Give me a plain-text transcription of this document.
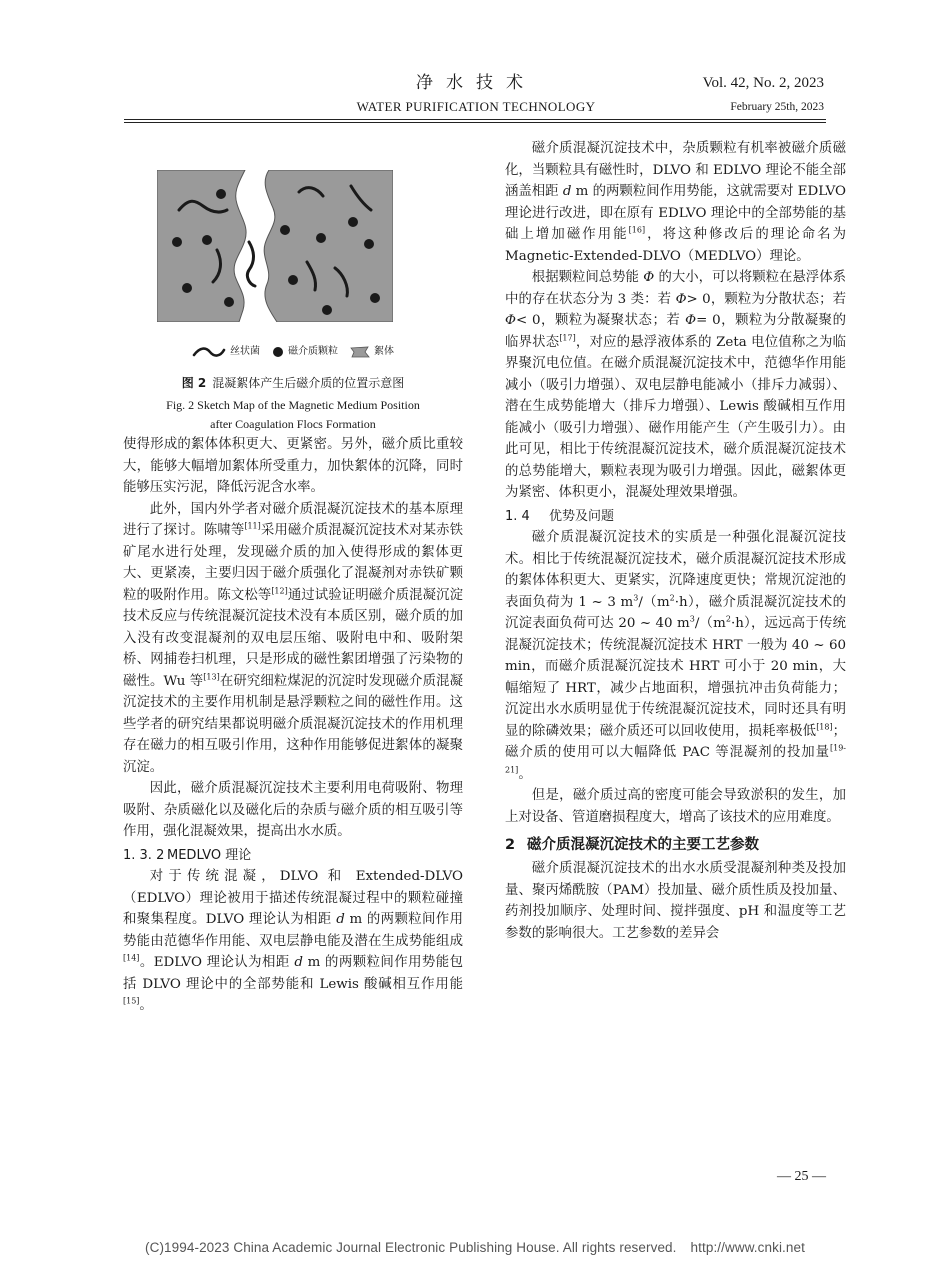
净水技术
WATER PURIFICATION TECHNOLOGY
Vol. 42, No. 2, 2023
February 25th, 2023
丝状菌	磁介质颗粒	絮体
图 2 混凝絮体产生后磁介质的位置示意图
Fig. 2 Sketch Map of the Magnetic Medium Position
after Coagulation Flocs Formation

使得形成的絮体体积更大、更紧密。另外，磁介质比重较大，能够大幅增加絮体所受重力，加快絮体的沉降，同时能够压实污泥，降低污泥含水率。

此外，国内外学者对磁介质混凝沉淀技术的基本原理进行了探讨。陈啸等[11]采用磁介质混凝沉淀技术对某赤铁矿尾水进行处理，发现磁介质的加入使得形成的絮体更大、更紧凑，主要归因于磁介质强化了混凝剂对赤铁矿颗粒的吸附作用。陈文松等[12]通过试验证明磁介质混凝沉淀技术反应与传统混凝沉淀技术没有本质区别，磁介质的加入没有改变混凝剂的双电层压缩、吸附电中和、吸附架桥、网捕卷扫机理，只是形成的磁性絮团增强了污染物的磁性。Wu 等[13]在研究细粒煤泥的沉淀时发现磁介质混凝沉淀技术的主要作用机制是悬浮颗粒之间的磁性作用。这些学者的研究结果都说明磁介质混凝沉淀技术的作用机理存在磁力的相互吸引作用，这种作用能够促进絮体的凝聚沉淀。

因此，磁介质混凝沉淀技术主要利用电荷吸附、物理吸附、杂质磁化以及磁化后的杂质与磁介质的相互吸引等作用，强化混凝效果，提高出水水质。

1. 3. 2 MEDLVO 理论

对于传统混凝，DLVO 和 Extended-DLVO（EDLVO）理论被用于描述传统混凝过程中的颗粒碰撞和聚集程度。DLVO 理论认为相距 d m 的两颗粒间作用势能由范德华作用能、双电层静电能及潜在生成势能组成[14]。EDLVO 理论认为相距 d m 的两颗粒间作用势能包括 DLVO 理论中的全部势能和 Lewis 酸碱相互作用能[15]。

磁介质混凝沉淀技术中，杂质颗粒有机率被磁介质磁化，当颗粒具有磁性时，DLVO 和 EDLVO 理论不能全部涵盖相距 d m 的两颗粒间作用势能，这就需要对 EDLVO 理论进行改进，即在原有 EDLVO 理论中的全部势能的基础上增加磁作用能[16]，将这种修改后的理论命名为 Magnetic-Extended-DLVO（MEDLVO）理论。

根据颗粒间总势能 Φ 的大小，可以将颗粒在悬浮体系中的存在状态分为 3 类：若 Φ> 0，颗粒为分散状态；若 Φ< 0，颗粒为凝聚状态；若 Φ= 0，颗粒为分散凝聚的临界状态[17]，对应的悬浮液体系的 Zeta 电位值称之为临界聚沉电位值。在磁介质混凝沉淀技术中，范德华作用能减小（吸引力增强）、双电层静电能减小（排斥力减弱）、潜在生成势能增大（排斥力增强）、Lewis 酸碱相互作用能减小（吸引力增强）、磁作用能产生（产生吸引力）。由此可见，相比于传统混凝沉淀技术，磁介质混凝沉淀技术的总势能增大，颗粒表现为吸引力增强。因此，磁絮体更为紧密、体积更小，混凝处理效果增强。

1. 4 优势及问题

磁介质混凝沉淀技术的实质是一种强化混凝沉淀技术。相比于传统混凝沉淀技术，磁介质混凝沉淀技术形成的絮体体积更大、更紧实，沉降速度更快；常规沉淀池的表面负荷为 1 ~ 3 $m^3/(m^2\cdot h)$，磁介质混凝沉淀技术的沉淀表面负荷可达 20 ~ 40 $m^3/(m^2\cdot h)$，远远高于传统混凝沉淀技术；传统混凝沉淀技术 HRT 一般为 40 ~ 60 min，而磁介质混凝沉淀技术 HRT 可小于 20 min，大幅缩短了 HRT，减少占地面积，增强抗冲击负荷能力；沉淀出水水质明显优于传统混凝沉淀技术，同时还具有明显的除磷效果；磁介质还可以回收使用，损耗率极低[18]；磁介质的使用可以大幅降低 PAC 等混凝剂的投加量[19-21]。

但是，磁介质过高的密度可能会导致淤积的发生，加上对设备、管道磨损程度大，增高了该技术的应用难度。

2 磁介质混凝沉淀技术的主要工艺参数

磁介质混凝沉淀技术的出水水质受混凝剂种类及投加量、聚丙烯酰胺（PAM）投加量、磁介质性质及投加量、药剂投加顺序、处理时间、搅拌强度、pH 和温度等工艺参数的影响很大。工艺参数的差异会

— 25 —
(C)1994-2023 China Academic Journal Electronic Publishing House. All rights reserved. http://www.cnki.net
